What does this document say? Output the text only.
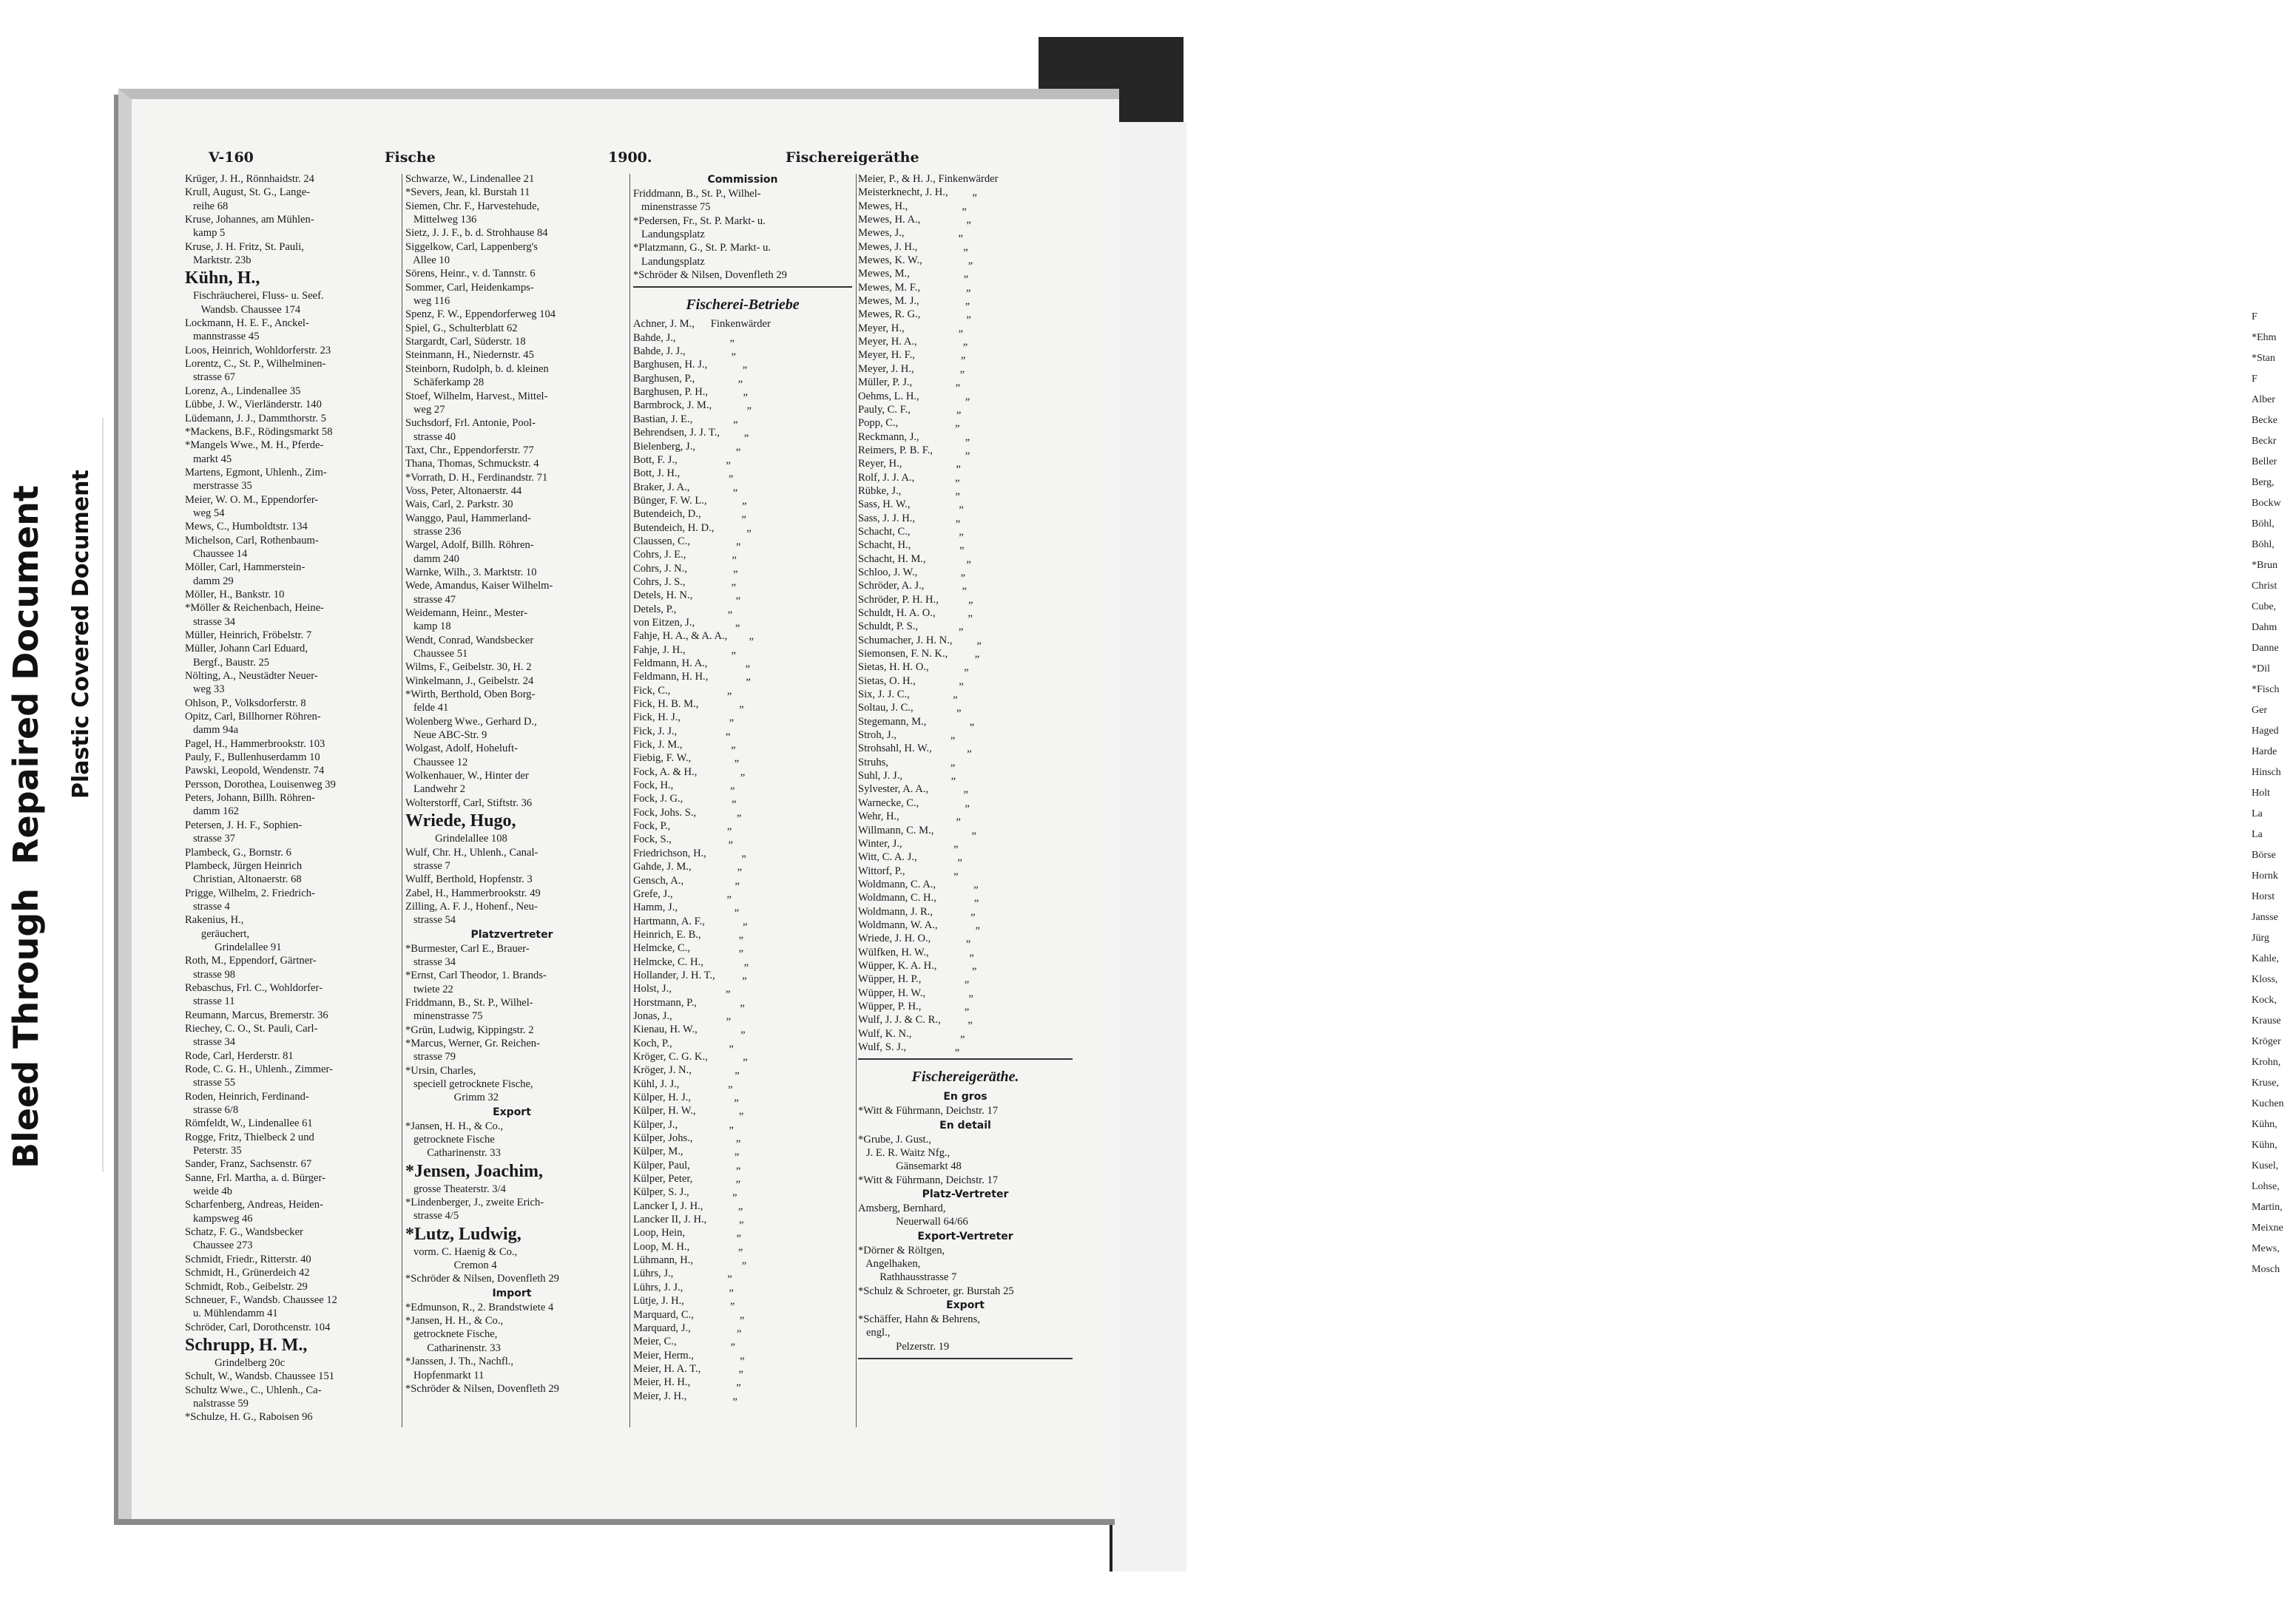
F
*Ehm
*Stan
F
Alber
Becke
Beckr
Beller
Berg,
Bockw
Böhl,
Böhl,
*Brun
Christ
Cube,
Dahm
Danne
*Dil
*Fisch
Ger
Haged
Harde
Hinsch
Holt
La
La
Börse
Hornk
Horst
Jansse
Jürg
Kahle,
Kloss,
Kock,
Krause
Kröger
Krohn,
Kruse,
Kuchen
Kühn,
Kühn,
Kusel,
Lohse,
Martin,
Meixne
Mews,
Mosch
Bleed Through  Repaired Document Plastic Covered Document
V-160	Fische	1900.	Fischereigeräthe
Krüger, J. H., Rönnhaidstr. 24
Krull, August, St. G., Lange-
reihe 68
Kruse, Johannes, am Mühlen-
kamp 5
Kruse, J. H. Fritz, St. Pauli,
Marktstr. 23b
Kühn, H.,
Fischräucherei, Fluss- u. Seef.
Wandsb. Chaussee 174
Lockmann, H. E. F., Anckel-
mannstrasse 45
Loos, Heinrich, Wohldorferstr. 23
Lorentz, C., St. P., Wilhelminen-
strasse 67
Lorenz, A., Lindenallee 35
Lübbe, J. W., Vierländerstr. 140
Lüdemann, J. J., Dammthorstr. 5
*Mackens, B.F., Rödingsmarkt 58
*Mangels Wwe., M. H., Pferde-
markt 45
Martens, Egmont, Uhlenh., Zim-
merstrasse 35
Meier, W. O. M., Eppendorfer-
weg 54
Mews, C., Humboldtstr. 134
Michelson, Carl, Rothenbaum-
Chaussee 14
Möller, Carl, Hammerstein-
damm 29
Möller, H., Bankstr. 10
*Möller & Reichenbach, Heine-
strasse 34
Müller, Heinrich, Fröbelstr. 7
Müller, Johann Carl Eduard,
Bergf., Baustr. 25
Nölting, A., Neustädter Neuer-
weg 33
Ohlson, P., Volksdorferstr. 8
Opitz, Carl, Billhorner Röhren-
damm 94a
Pagel, H., Hammerbrookstr. 103
Pauly, F., Bullenhuserdamm 10
Pawski, Leopold, Wendenstr. 74
Persson, Dorothea, Louisenweg 39
Peters, Johann, Billh. Röhren-
damm 162
Petersen, J. H. F., Sophien-
strasse 37
Plambeck, G., Bornstr. 6
Plambeck, Jürgen Heinrich
Christian, Altonaerstr. 68
Prigge, Wilhelm, 2. Friedrich-
strasse 4
Rakenius, H.,
geräuchert,
Grindelallee 91
Roth, M., Eppendorf, Gärtner-
strasse 98
Rebaschus, Frl. C., Wohldorfer-
strasse 11
Reumann, Marcus, Bremerstr. 36
Riechey, C. O., St. Pauli, Carl-
strasse 34
Rode, Carl, Herderstr. 81
Rode, C. G. H., Uhlenh., Zimmer-
strasse 55
Roden, Heinrich, Ferdinand-
strasse 6/8
Römfeldt, W., Lindenallee 61
Rogge, Fritz, Thielbeck 2 und
Peterstr. 35
Sander, Franz, Sachsenstr. 67
Sanne, Frl. Martha, a. d. Bürger-
weide 4b
Scharfenberg, Andreas, Heiden-
kampsweg 46
Schatz, F. G., Wandsbecker
Chaussee 273
Schmidt, Friedr., Ritterstr. 40
Schmidt, H., Grünerdeich 42
Schmidt, Rob., Geibelstr. 29
Schneuer, F., Wandsb. Chaussee 12
u. Mühlendamm 41
Schröder, Carl, Dorothcenstr. 104
Schrupp, H. M.,
Grindelberg 20c
Schult, W., Wandsb. Chaussee 151
Schultz Wwe., C., Uhlenh., Ca-
nalstrasse 59
*Schulze, H. G., Raboisen 96
Schwarze, W., Lindenallee 21
*Severs, Jean, kl. Burstah 11
Siemen, Chr. F., Harvestehude,
Mittelweg 136
Sietz, J. J. F., b. d. Strohhause 84
Siggelkow, Carl, Lappenberg's
Allee 10
Sörens, Heinr., v. d. Tannstr. 6
Sommer, Carl, Heidenkamps-
weg 116
Spenz, F. W., Eppendorferweg 104
Spiel, G., Schulterblatt 62
Stargardt, Carl, Süderstr. 18
Steinmann, H., Niedernstr. 45
Steinborn, Rudolph, b. d. kleinen
Schäferkamp 28
Stoef, Wilhelm, Harvest., Mittel-
weg 27
Suchsdorf, Frl. Antonie, Pool-
strasse 40
Taxt, Chr., Eppendorferstr. 77
Thana, Thomas, Schmuckstr. 4
*Vorrath, D. H., Ferdinandstr. 71
Voss, Peter, Altonaerstr. 44
Wais, Carl, 2. Parkstr. 30
Wanggo, Paul, Hammerland-
strasse 236
Wargel, Adolf, Billh. Röhren-
damm 240
Warnke, Wilh., 3. Marktstr. 10
Wede, Amandus, Kaiser Wilhelm-
strasse 47
Weidemann, Heinr., Mester-
kamp 18
Wendt, Conrad, Wandsbecker
Chaussee 51
Wilms, F., Geibelstr. 30, H. 2
Winkelmann, J., Geibelstr. 24
*Wirth, Berthold, Oben Borg-
felde 41
Wolenberg Wwe., Gerhard D.,
Neue ABC-Str. 9
Wolgast, Adolf, Hoheluft-
Chaussee 12
Wolkenhauer, W., Hinter der
Landwehr 2
Wolterstorff, Carl, Stiftstr. 36
Wriede, Hugo,
Grindelallee 108
Wulf, Chr. H., Uhlenh., Canal-
strasse 7
Wulff, Berthold, Hopfenstr. 3
Zabel, H., Hammerbrookstr. 49
Zilling, A. F. J., Hohenf., Neu-
strasse 54
Platzvertreter
*Burmester, Carl E., Brauer-
strasse 34
*Ernst, Carl Theodor, 1. Brands-
twiete 22
Friddmann, B., St. P., Wilhel-
minenstrasse 75
*Grün, Ludwig, Kippingstr. 2
*Marcus, Werner, Gr. Reichen-
strasse 79
*Ursin, Charles,
speciell getrocknete Fische,
Grimm 32
Export
*Jansen, H. H., & Co.,
getrocknete Fische
Catharinenstr. 33
*Jensen, Joachim,
grosse Theaterstr. 3/4
*Lindenberger, J., zweite Erich-
strasse 4/5
*Lutz, Ludwig,
vorm. C. Haenig & Co.,
Cremon 4
*Schröder & Nilsen, Dovenfleth 29
Import
*Edmunson, R., 2. Brandstwiete 4
*Jansen, H. H., & Co.,
getrocknete Fische,
Catharinenstr. 33
*Janssen, J. Th., Nachfl.,
Hopfenmarkt 11
*Schröder & Nilsen, Dovenfleth 29
Commission
Friddmann, B., St. P., Wilhel-
minenstrasse 75
*Pedersen, Fr., St. P. Markt- u.
Landungsplatz
*Platzmann, G., St. P. Markt- u.
Landungsplatz
*Schröder & Nilsen, Dovenfleth 29
Fischerei-Betriebe
Achner, J. M.,      Finkenwärder
Bahde, J.,                    „
Bahde, J. J.,                 „
Barghusen, H. J.,             „
Barghusen, P.,                „
Barghusen, P. H.,             „
Barmbrock, J. M.,             „
Bastian, J. E.,               „
Behrendsen, J. J. T.,         „
Bielenberg, J.,               „
Bott, F. J.,                  „
Bott, J. H.,                  „
Braker, J. A.,                „
Bünger, F. W. L.,             „
Butendeich, D.,               „
Butendeich, H. D.,            „
Claussen, C.,                 „
Cohrs, J. E.,                 „
Cohrs, J. N.,                 „
Cohrs, J. S.,                 „
Detels, H. N.,                „
Detels, P.,                   „
von Eitzen, J.,               „
Fahje, H. A., & A. A.,        „
Fahje, J. H.,                 „
Feldmann, H. A.,              „
Feldmann, H. H.,              „
Fick, C.,                     „
Fick, H. B. M.,               „
Fick, H. J.,                  „
Fick, J. J.,                  „
Fick, J. M.,                  „
Fiebig, F. W.,                „
Fock, A. & H.,                „
Fock, H.,                     „
Fock, J. G.,                  „
Fock, Johs. S.,               „
Fock, P.,                     „
Fock, S.,                     „
Friedrichson, H.,             „
Gahde, J. M.,                 „
Gensch, A.,                   „
Grefe, J.,                    „
Hamm, J.,                     „
Hartmann, A. F.,              „
Heinrich, E. B.,              „
Helmcke, C.,                  „
Helmcke, C. H.,               „
Hollander, J. H. T.,          „
Holst, J.,                    „
Horstmann, P.,                „
Jonas, J.,                    „
Kienau, H. W.,                „
Koch, P.,                     „
Kröger, C. G. K.,             „
Kröger, J. N.,                „
Kühl, J. J.,                  „
Külper, H. J.,                „
Külper, H. W.,                „
Külper, J.,                   „
Külper, Johs.,                „
Külper, M.,                   „
Külper, Paul,                 „
Külper, Peter,                „
Külper, S. J.,                „
Lancker I, J. H.,             „
Lancker II, J. H.,            „
Loop, Hein,                   „
Loop, M. H.,                  „
Lühmann, H.,                  „
Lührs, J.,                    „
Lührs, J. J.,                 „
Lütje, J. H.,                 „
Marquard, C.,                 „
Marquard, J.,                 „
Meier, C.,                    „
Meier, Herm.,                 „
Meier, H. A. T.,              „
Meier, H. H.,                 „
Meier, J. H.,                 „
Meier, P., & H. J., Finkenwärder
Meisterknecht, J. H.,         „
Mewes, H.,                    „
Mewes, H. A.,                 „
Mewes, J.,                    „
Mewes, J. H.,                 „
Mewes, K. W.,                 „
Mewes, M.,                    „
Mewes, M. F.,                 „
Mewes, M. J.,                 „
Mewes, R. G.,                 „
Meyer, H.,                    „
Meyer, H. A.,                 „
Meyer, H. F.,                 „
Meyer, J. H.,                 „
Müller, P. J.,                „
Oehms, L. H.,                 „
Pauly, C. F.,                 „
Popp, C.,                     „
Reckmann, J.,                 „
Reimers, P. B. F.,            „
Reyer, H.,                    „
Rolf, J. J. A.,               „
Rübke, J.,                    „
Sass, H. W.,                  „
Sass, J. J. H.,               „
Schacht, C.,                  „
Schacht, H.,                  „
Schacht, H. M.,               „
Schloo, J. W.,                „
Schröder, A. J.,              „
Schröder, P. H. H.,           „
Schuldt, H. A. O.,            „
Schuldt, P. S.,               „
Schumacher, J. H. N.,         „
Siemonsen, F. N. K.,          „
Sietas, H. H. O.,             „
Sietas, O. H.,                „
Six, J. J. C.,                „
Soltau, J. C.,                „
Stegemann, M.,                „
Stroh, J.,                    „
Strohsahl, H. W.,             „
Struhs,                       „
Suhl, J. J.,                  „
Sylvester, A. A.,             „
Warnecke, C.,                 „
Wehr, H.,                     „
Willmann, C. M.,              „
Winter, J.,                   „
Witt, C. A. J.,               „
Wittorf, P.,                  „
Woldmann, C. A.,              „
Woldmann, C. H.,              „
Woldmann, J. R.,              „
Woldmann, W. A.,              „
Wriede, J. H. O.,             „
Wülfken, H. W.,               „
Wüpper, K. A. H.,             „
Wüpper, H. P.,                „
Wüpper, H. W.,                „
Wüpper, P. H.,                „
Wulf, J. J. & C. R.,          „
Wulf, K. N.,                  „
Wulf, S. J.,                  „
Fischereigeräthe.
En gros
*Witt & Führmann, Deichstr. 17
En detail
*Grube, J. Gust.,
J. E. R. Waitz Nfg.,
Gänsemarkt 48
*Witt & Führmann, Deichstr. 17
Platz-Vertreter
Amsberg, Bernhard,
Neuerwall 64/66
Export-Vertreter
*Dörner & Röltgen,
Angelhaken,
Rathhausstrasse 7
*Schulz & Schroeter, gr. Burstah 25
Export
*Schäffer, Hahn & Behrens,
engl.,
Pelzerstr. 19
